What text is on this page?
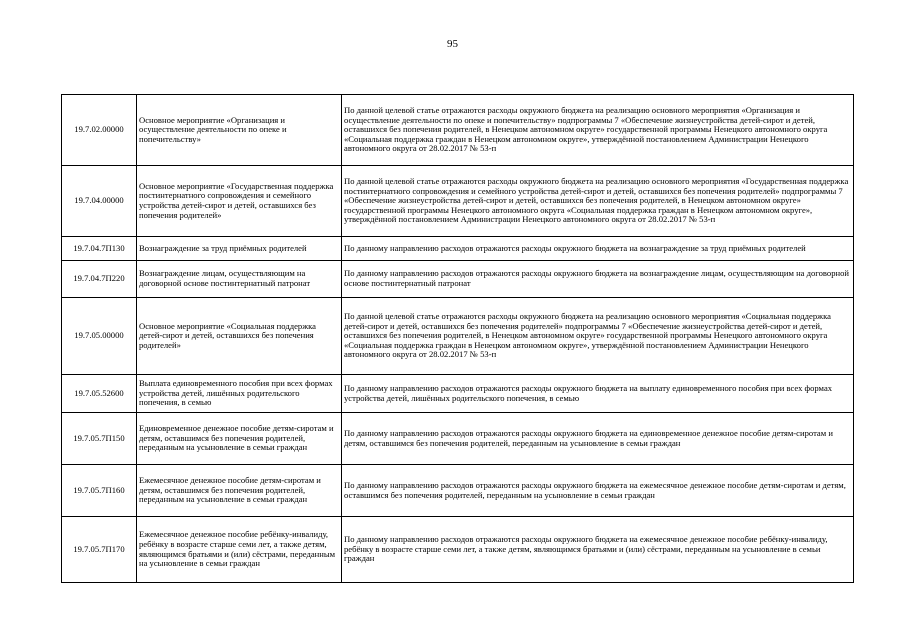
95
19.7.02.00000	Основное мероприятие «Организация и осуществление деятельности по опеке и попечительству»	По данной целевой статье отражаются расходы окружного бюджета на реализацию основного мероприятия «Организация и осуществление деятельности по опеке и попечительству» подпрограммы 7 «Обеспечение жизнеустройства детей-сирот и детей, оставшихся без попечения родителей, в Ненецком автономном округе» государственной программы Ненецкого автономного округа «Социальная поддержка граждан в Ненецком автономном округе», утверждённой постановлением Администрации Ненецкого автономного округа от 28.02.2017 № 53-п
19.7.04.00000	Основное мероприятие «Государственная поддержка постинтернатного сопровождения и семейного устройства детей-сирот и детей, оставшихся без попечения родителей»	По данной целевой статье отражаются расходы окружного бюджета на реализацию основного мероприятия «Государственная поддержка постинтернатного сопровождения и семейного устройства детей-сирот и детей, оставшихся без попечения родителей» подпрограммы 7 «Обеспечение жизнеустройства детей-сирот и детей, оставшихся без попечения родителей, в Ненецком автономном округе» государственной программы Ненецкого автономного округа «Социальная поддержка граждан в Ненецком автономном округе», утверждённой постановлением Администрации Ненецкого автономного округа от 28.02.2017 № 53-п
19.7.04.7П130	Вознаграждение за труд приёмных родителей	По данному направлению расходов отражаются расходы окружного бюджета на вознаграждение за труд приёмных родителей
19.7.04.7П220	Вознаграждение лицам, осуществляющим на договорной основе постинтернатный патронат	По данному направлению расходов отражаются расходы окружного бюджета на вознаграждение лицам, осуществляющим на договорной основе постинтернатный патронат
19.7.05.00000	Основное мероприятие «Социальная поддержка детей-сирот и детей, оставшихся без попечения родителей»	По данной целевой статье отражаются расходы окружного бюджета на реализацию основного мероприятия «Социальная поддержка детей-сирот и детей, оставшихся без попечения родителей» подпрограммы 7 «Обеспечение жизнеустройства детей-сирот и детей, оставшихся без попечения родителей, в Ненецком автономном округе» государственной программы Ненецкого автономного округа «Социальная поддержка граждан в Ненецком автономном округе», утверждённой постановлением Администрации Ненецкого автономного округа от 28.02.2017 № 53-п
19.7.05.52600	Выплата единовременного пособия при всех формах устройства детей, лишённых родительского попечения, в семью	По данному направлению расходов отражаются расходы окружного бюджета на выплату единовременного пособия при всех формах устройства детей, лишённых родительского попечения, в семью
19.7.05.7П150	Единовременное денежное пособие детям-сиротам и детям, оставшимся без попечения родителей, переданным на усыновление в семьи граждан	По данному направлению расходов отражаются расходы окружного бюджета на единовременное денежное пособие детям-сиротам и детям, оставшимся без попечения родителей, переданным на усыновление в семьи граждан
19.7.05.7П160	Ежемесячное денежное пособие детям-сиротам и детям, оставшимся без попечения родителей, переданным на усыновление в семьи граждан	По данному направлению расходов отражаются расходы окружного бюджета на ежемесячное денежное пособие детям-сиротам и детям, оставшимся без попечения родителей, переданным на усыновление в семьи граждан
19.7.05.7П170	Ежемесячное денежное пособие ребёнку-инвалиду, ребёнку в возрасте старше семи лет, а также детям, являющимся братьями и (или) сёстрами, переданным на усыновление в семьи граждан	По данному направлению расходов отражаются расходы окружного бюджета на ежемесячное денежное пособие ребёнку-инвалиду, ребёнку в возрасте старше семи лет, а также детям, являющимся братьями и (или) сёстрами, переданным на усыновление в семьи граждан
